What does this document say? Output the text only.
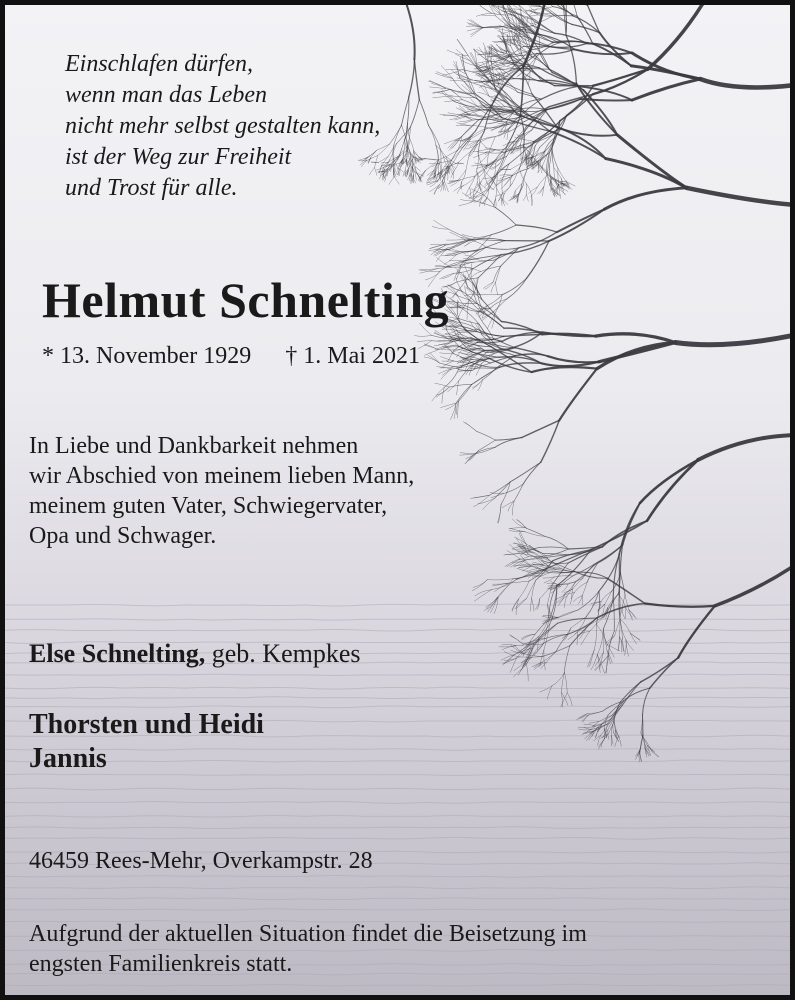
Einschlafen dürfen,
wenn man das Leben
nicht mehr selbst gestalten kann,
ist der Weg zur Freiheit
und Trost für alle.
Helmut Schnelting
* 13. November 1929 † 1. Mai 2021
In Liebe und Dankbarkeit nehmen
wir Abschied von meinem lieben Mann,
meinem guten Vater, Schwiegervater,
Opa und Schwager.
Else Schnelting, geb. Kempkes
Thorsten und Heidi
Jannis
46459 Rees-Mehr, Overkampstr. 28
Aufgrund der aktuellen Situation findet die Beisetzung im
engsten Familienkreis statt.
